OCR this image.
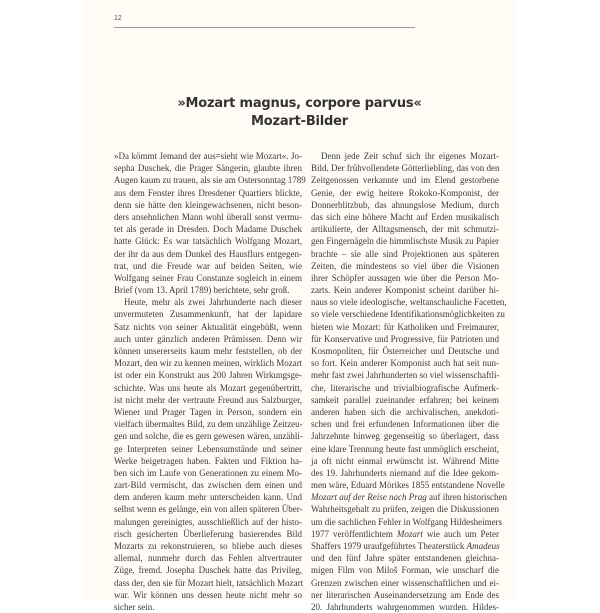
12
»Mozart magnus, corpore parvus«
Mozart-Bilder
»Da kömmt Jemand der aus=sieht wie Mozart«. Jo-
sepha Duschek, die Prager Sängerin, glaubte ihren
Augen kaum zu trauen, als sie am Ostersonntag 1789
aus dem Fenster ihres Dresdener Quartiers blickte,
denn sie hätte den kleingewachsenen, nicht beson-
ders ansehnlichen Mann wohl überall sonst vermu-
tet als gerade in Dresden. Doch Madame Duschek
hatte Glück: Es war tatsächlich Wolfgang Mozart,
der ihr da aus dem Dunkel des Hausflurs entgegen-
trat, und die Freude war auf beiden Seiten, wie
Wolfgang seiner Frau Constanze sogleich in einem
Brief (vom 13. April 1789) berichtete, sehr groß.
Heute, mehr als zwei Jahrhunderte nach dieser
unvermuteten Zusammenkunft, hat der lapidare
Satz nichts von seiner Aktualität eingebüßt, wenn
auch unter gänzlich anderen Prämissen. Denn wir
können unsererseits kaum mehr feststellen, ob der
Mozart, den wir zu kennen meinen, wirklich Mozart
ist oder ein Konstrukt aus 200 Jahren Wirkungsge-
schichte. Was uns heute als Mozart gegenübertritt,
ist nicht mehr der vertraute Freund aus Salzburger,
Wiener und Prager Tagen in Person, sondern ein
vielfach übermaltes Bild, zu dem unzählige Zeitzeu-
gen und solche, die es gern gewesen wären, unzähli-
ge Interpreten seiner Lebensumstände und seiner
Werke beigetragen haben. Fakten und Fiktion ha-
ben sich im Laufe von Generationen zu einem Mo-
zart-Bild vermischt, das zwischen dem einen und
dem anderen kaum mehr unterscheiden kann. Und
selbst wenn es gelänge, ein von allen späteren Über-
malungen gereinigtes, ausschließlich auf der histo-
risch gesicherten Überlieferung basierendes Bild
Mozarts zu rekonstruieren, so bliebe auch dieses
allemal, nunmehr durch das Fehlen altvertrauter
Züge, fremd. Josepha Duschek hatte das Privileg,
dass der, den sie für Mozart hielt, tatsächlich Mozart
war. Wir können uns dessen heute nicht mehr so
sicher sein.
Denn jede Zeit schuf sich ihr eigenes Mozart-
Bild. Der frühvollendete Götterliebling, das von den
Zeitgenossen verkannte und im Elend gestorbene
Genie, der ewig heitere Rokoko-Komponist, der
Donnerblitzbub, das ahnungslose Medium, durch
das sich eine höhere Macht auf Erden musikalisch
artikulierte, der Alltagsmensch, der mit schmutzi-
gen Fingernägeln die himmlischste Musik zu Papier
brachte – sie alle sind Projektionen aus späteren
Zeiten, die mindestens so viel über die Visionen
ihrer Schöpfer aussagen wie über die Person Mo-
zarts. Kein anderer Komponist scheint darüber hi-
naus so viele ideologische, weltanschauliche Facetten,
so viele verschiedene Identifikationsmöglichkeiten zu
bieten wie Mozart: für Katholiken und Freimaurer,
für Konservative und Progressive, für Patrioten und
Kosmopoliten, für Österreicher und Deutsche und
so fort. Kein anderer Komponist auch hat seit nun-
mehr fast zwei Jahrhunderten so viel wissenschaftli-
che, literarische und trivialbiografische Aufmerk-
samkeit parallel zueinander erfahren; bei keinem
anderen haben sich die archivalischen, anekdoti-
schen und frei erfundenen Informationen über die
Jahrzehnte hinweg gegenseitig so überlagert, dass
eine klare Trennung heute fast unmöglich erscheint,
ja oft nicht einmal erwünscht ist. Während Mitte
des 19. Jahrhunderts niemand auf die Idee gekom-
men wäre, Eduard Mörikes 1855 entstandene Novelle
Mozart auf der Reise nach Prag auf ihren historischen
Wahrheitsgehalt zu prüfen, zeigen die Diskussionen
um die sachlichen Fehler in Wolfgang Hildesheimers
1977 veröffentlichtem Mozart wie auch um Peter
Shaffers 1979 uraufgeführtes Theaterstück Amadeus
und den fünf Jahre später entstandenen gleichna-
migen Film von Miloš Forman, wie unscharf die
Grenzen zwischen einer wissenschaftlichen und ei-
ner literarischen Auseinandersetzung am Ende des
20. Jahrhunderts wahrgenommen wurden. Hildes-
